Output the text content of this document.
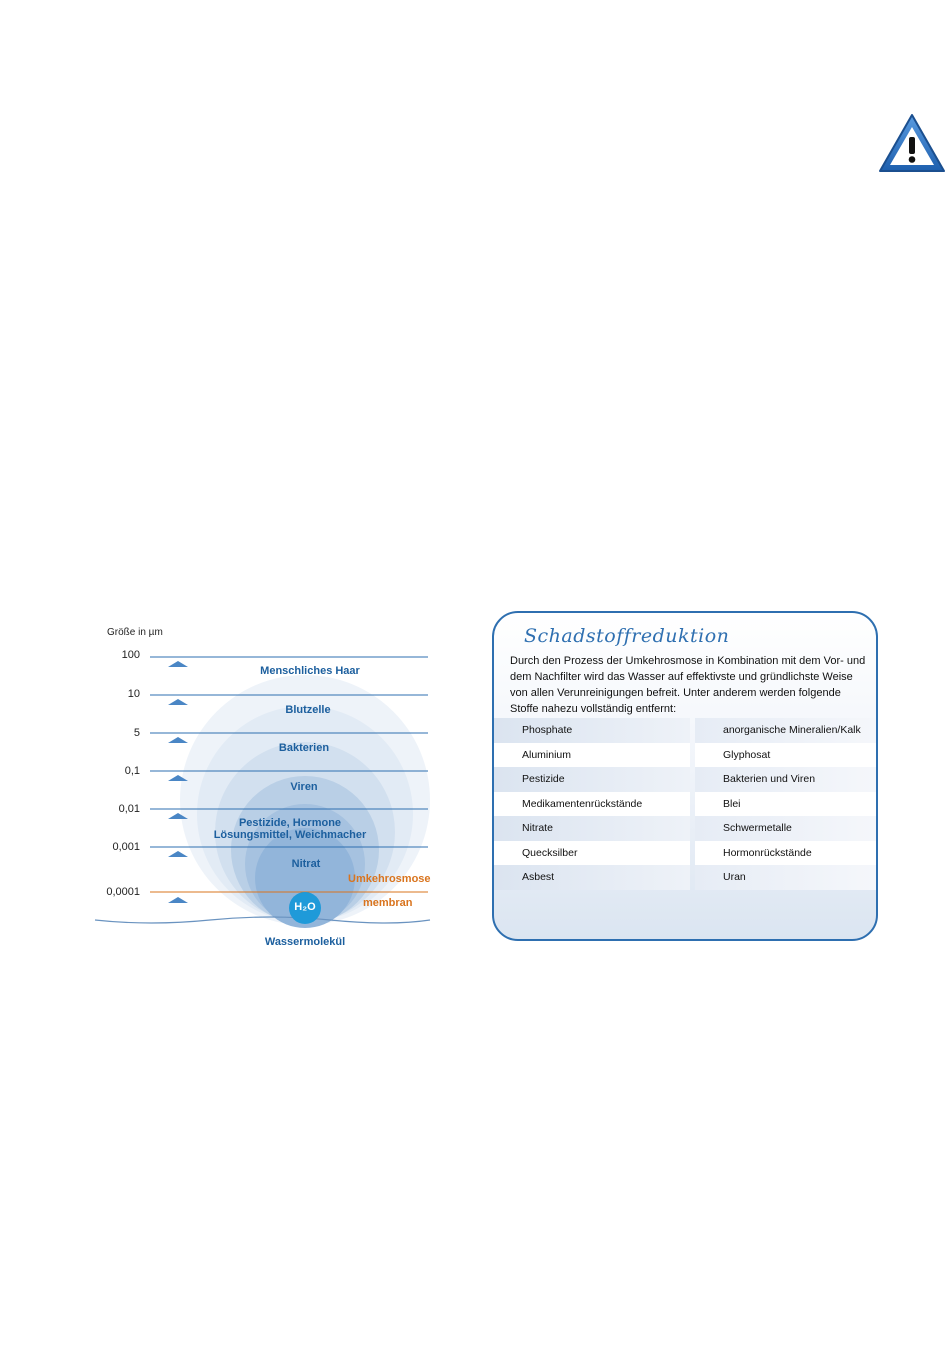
Größe in µm
100
10
5
0,1
0,01
0,001
0,0001
Menschliches Haar
Blutzelle
Bakterien
Viren
Pestizide, Hormone
Lösungsmittel, Weichmacher
Nitrat
Umkehrosmose
membran
H₂O
Wassermolekül
Schadstoffreduktion
Durch den Prozess der Umkehrosmose in Kombination mit dem Vor- und dem Nachfilter wird das Wasser auf effektivste und gründlichste Weise von allen Verunreinigungen befreit. Unter anderem werden folgende Stoffe nahezu vollständig entfernt:
Phosphate	anorganische Mineralien/Kalk
Aluminium	Glyphosat
Pestizide	Bakterien und Viren
Medikamentenrückstände	Blei
Nitrate	Schwermetalle
Quecksilber	Hormonrückstände
Asbest	Uran
